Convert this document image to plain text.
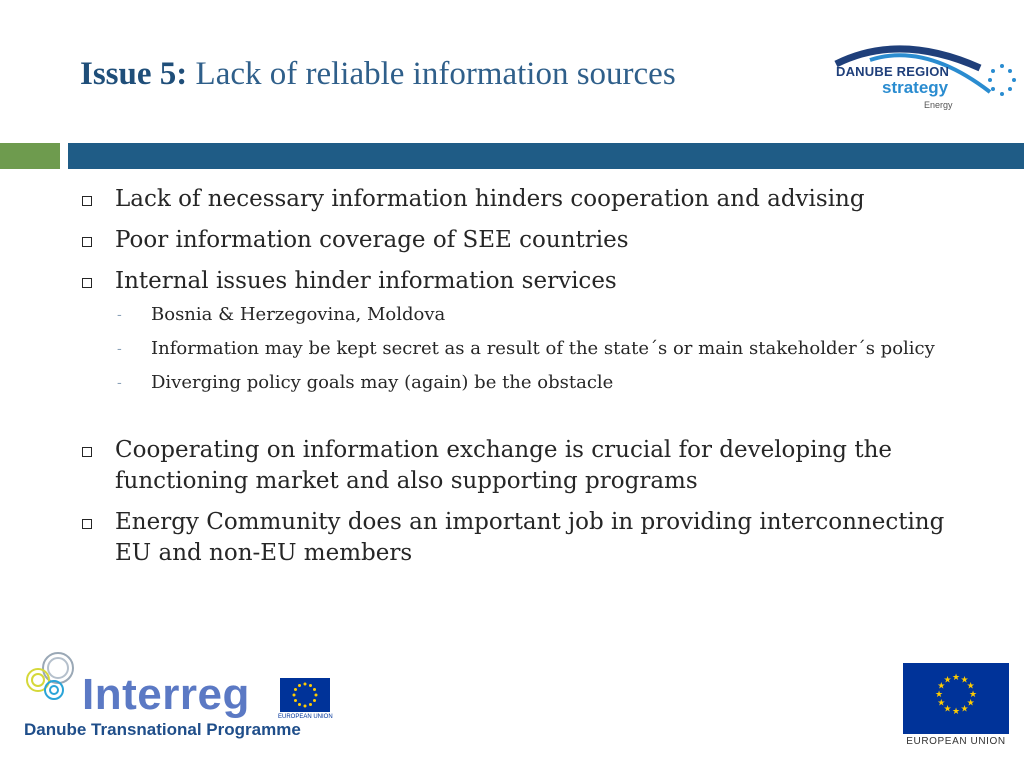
Issue 5: Lack of reliable information sources	DANUBE REGION
strategy
Energy
Lack of necessary information hinders cooperation and advising
Poor information coverage of SEE countries
Internal issues hinder information services
- Bosnia & Herzegovina, Moldova
- Information may be kept secret as a result of the state´s or main stakeholder´s policy
- Diverging policy goals may (again) be the obstacle
Cooperating on information exchange is crucial for developing the functioning market and also supporting programs
Energy Community does an important job in providing interconnecting EU and non-EU members
Interreg	EUROPEAN UNION
Danube Transnational Programme
★ ★
★
★
★
★
★
★
★
★
★
★
EUROPEAN UNION
